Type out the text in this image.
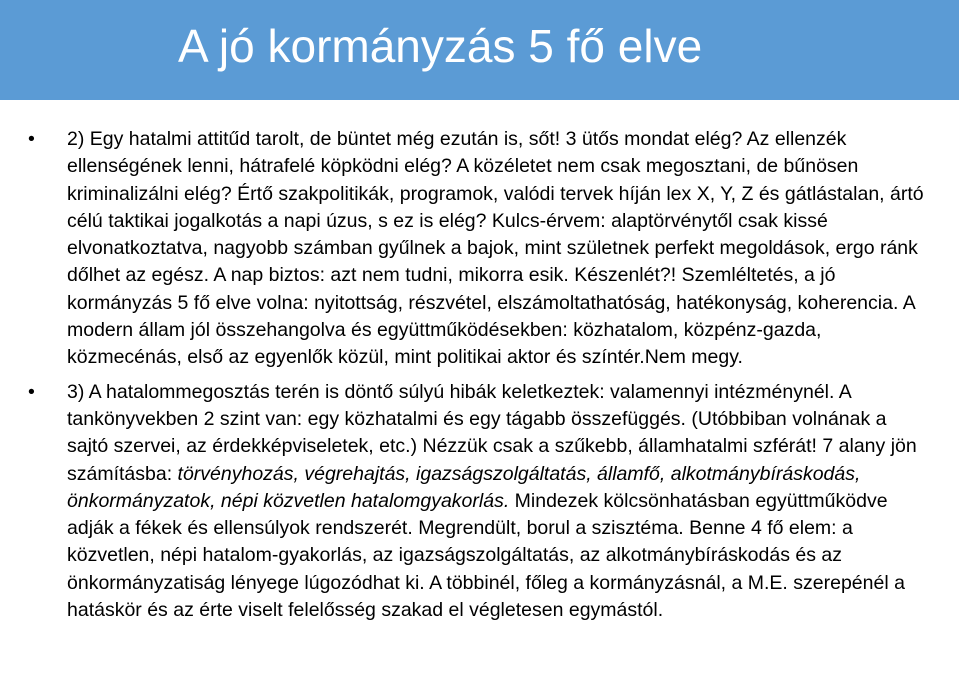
A jó kormányzás 5 fő elve
• 2) Egy hatalmi attitűd tarolt, de büntet még ezután is, sőt! 3 ütős mondat elég? Az ellenzék ellenségének lenni, hátrafelé köpködni elég? A közéletet nem csak megosztani, de bűnösen kriminalizálni elég? Értő szakpolitikák, programok, valódi tervek híján lex X, Y, Z és gátlástalan, ártó célú taktikai jogalkotás a napi úzus, s ez is elég? Kulcs-érvem: alaptörvénytől csak kissé elvonatkoztatva, nagyobb számban gyűlnek a bajok, mint születnek perfekt megoldások, ergo ránk dőlhet az egész. A nap biztos: azt nem tudni, mikorra esik. Készenlét?! Szemléltetés, a jó kormányzás 5 fő elve volna: nyitottság, részvétel, elszámoltathatóság, hatékonyság, koherencia. A modern állam jól összehangolva és együttműködésekben: közhatalom, közpénz-gazda, közmecénás, első az egyenlők közül, mint politikai aktor és színtér.Nem megy.
• 3) A hatalommegosztás terén is döntő súlyú hibák keletkeztek: valamennyi intézménynél. A tankönyvekben 2 szint van: egy közhatalmi és egy tágabb összefüggés. (Utóbbiban volnának a sajtó szervei, az érdekképviseletek, etc.) Nézzük csak a szűkebb, államhatalmi szférát! 7 alany jön számításba: törvényhozás, végrehajtás, igazságszolgáltatás, államfő, alkotmánybíráskodás, önkormányzatok, népi közvetlen hatalomgyakorlás. Mindezek kölcsönhatásban együttműködve adják a fékek és ellensúlyok rendszerét. Megrendült, borul a szisztéma. Benne 4 fő elem: a közvetlen, népi hatalom-gyakorlás, az igazságszolgáltatás, az alkotmánybíráskodás és az önkormányzatiság lényege lúgozódhat ki. A többinél, főleg a kormányzásnál, a M.E. szerepénél a hatáskör és az érte viselt felelősség szakad el végletesen egymástól.
